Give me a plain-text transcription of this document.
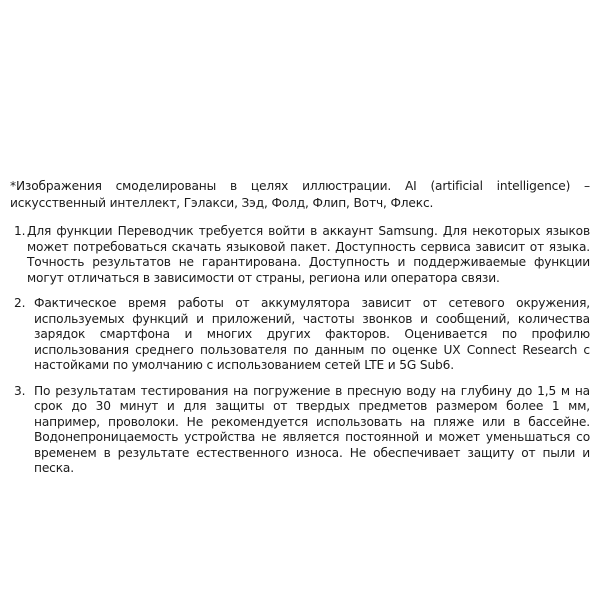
*Изображения смоделированы в целях иллюстрации. AI (artificial intelligence) – искусственный интеллект, Гэлакси, Зэд, Фолд, Флип, Вотч, Флекс.

1. Для функции Переводчик требуется войти в аккаунт Samsung. Для некоторых языков может потребоваться скачать языковой пакет. Доступность сервиса зависит от языка. Точность результатов не гарантирована. Доступность и поддерживаемые функции могут отличаться в зависимости от страны, региона или оператора связи.
2. Фактическое время работы от аккумулятора зависит от сетевого окружения, используемых функций и приложений, частоты звонков и сообщений, количества зарядок смартфона и многих других факторов. Оценивается по профилю использования среднего пользователя по данным по оценке UX Connect Research с настойками по умолчанию с использованием сетей LTE и 5G Sub6.
3. По результатам тестирования на погружение в пресную воду на глубину до 1,5 м на срок до 30 минут и для защиты от твердых предметов размером более 1 мм, например, проволоки. Не рекомендуется использовать на пляже или в бассейне. Водонепроницаемость устройства не является постоянной и может уменьшаться со временем в результате естественного износа. Не обеспечивает защиту от пыли и песка.
